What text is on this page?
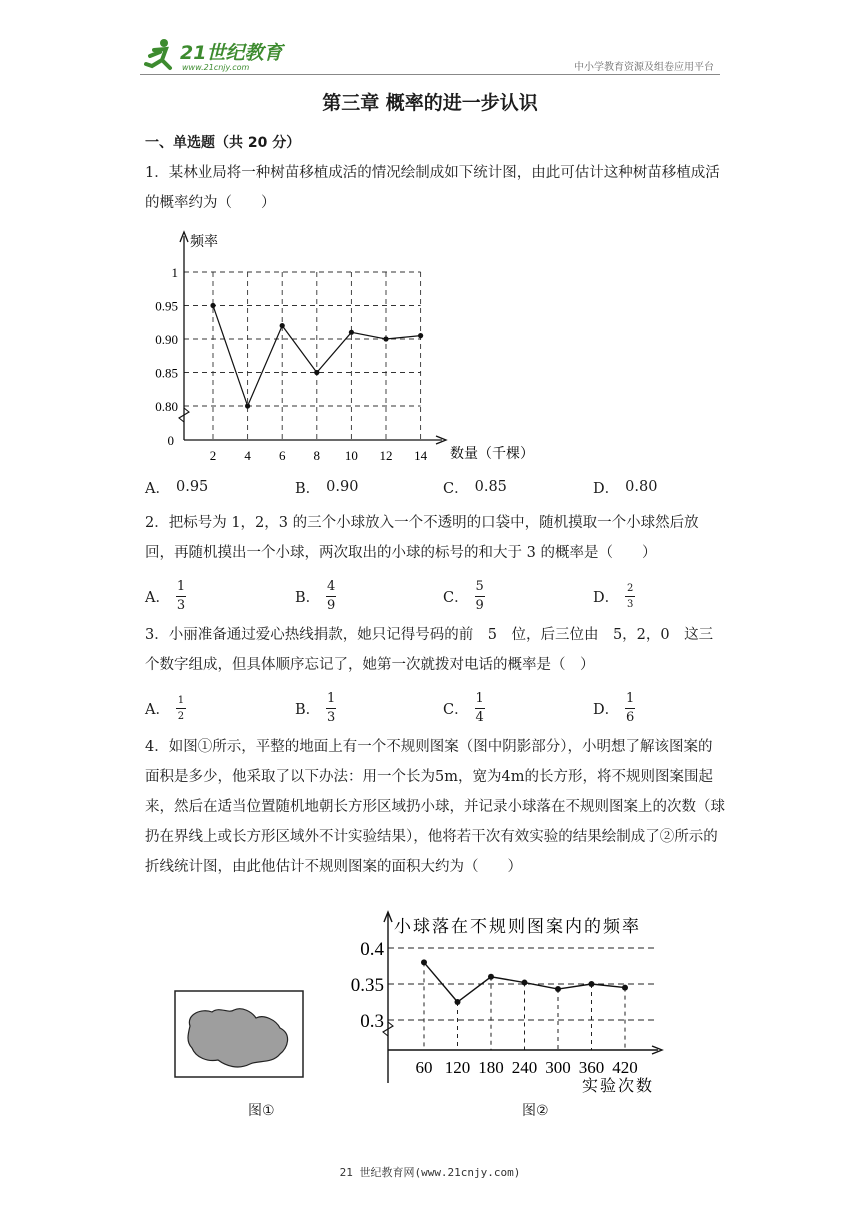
21世纪教育
www.21cnjy.com	中小学教育资源及组卷应用平台
第三章 概率的进一步认识
一、单选题（共 20 分）
1．某林业局将一种树苗移植成活的情况绘制成如下统计图，由此可估计这种树苗移植成活的概率约为（　　）
0.80
0.85
0.90
0.95
1
0
2 4 6 8 10 12 14
频率
数量（千棵）
A． 0.95	B． 0.90	C． 0.85	D． 0.80
2．把标号为 1，2，3 的三个小球放入一个不透明的口袋中，随机摸取一个小球然后放回，再随机摸出一个小球，两次取出的小球的标号的和大于 3 的概率是（　　）
A． $\frac{1}{3}$	B． $\frac{4}{9}$	C． $\frac{5}{9}$	D． $\frac{2}{3}$
3．小丽准备通过爱心热线捐款，她只记得号码的前　5　位，后三位由　5，2，0　这三个数字组成，但具体顺序忘记了，她第一次就拨对电话的概率是（　）
A． $\frac{1}{2}$	B． $\frac{1}{3}$	C． $\frac{1}{4}$	D． $\frac{1}{6}$
4．如图①所示，平整的地面上有一个不规则图案（图中阴影部分），小明想了解该图案的面积是多少，他采取了以下办法：用一个长为5m，宽为4m的长方形，将不规则图案围起来，然后在适当位置随机地朝长方形区域扔小球，并记录小球落在不规则图案上的次数（球扔在界线上或长方形区域外不计实验结果），他将若干次有效实验的结果绘制成了②所示的折线统计图，由此他估计不规则图案的面积大约为（　　）
图①
0.3
0.35
0.4
60 120 180 240 300 360 420
小球落在不规则图案内的频率
实验次数
图②
21 世纪教育网(www.21cnjy.com)
